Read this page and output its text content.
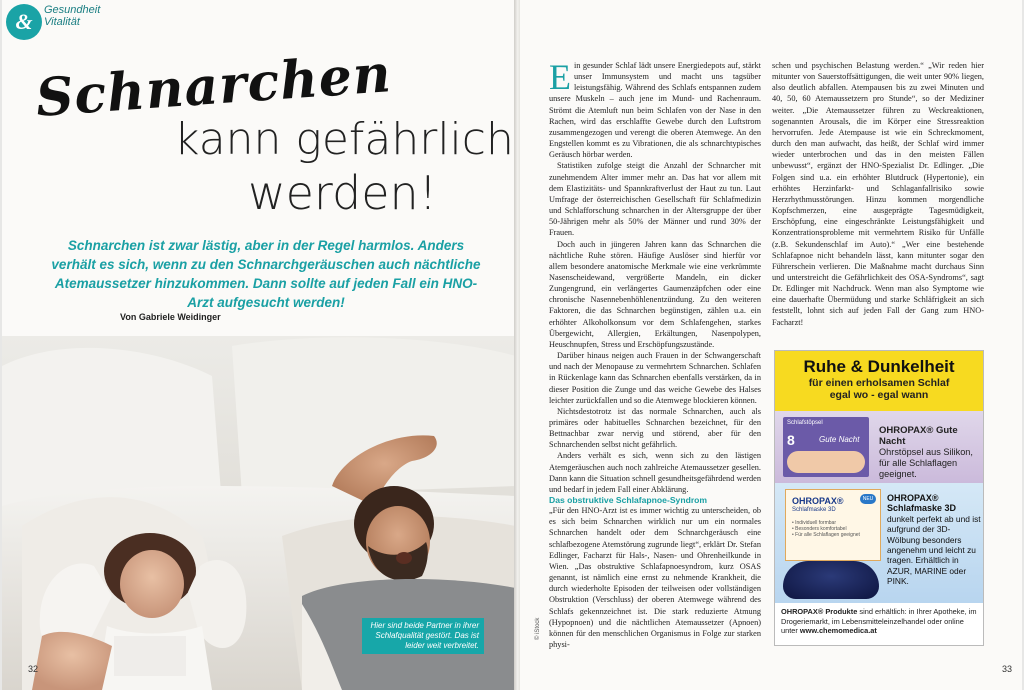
&	Gesundheit
Vitalität
Schnarchen
kann gefährlich
werden!
Schnarchen ist zwar lästig, aber in der Regel harmlos. Anders verhält es sich, wenn zu den Schnarchgeräuschen auch nächtliche Atemaussetzer hinzukommen. Dann sollte auf jeden Fall ein HNO-Arzt aufgesucht werden!
Von Gabriele Weidinger
Hier sind beide Partner in ihrer Schlafqualität gestört. Das ist leider weit verbreitet.
32	33
© iStock

Ein gesunder Schlaf lädt unsere Energiedepots auf, stärkt unser Immunsystem und macht uns tagsüber leistungsfähig. Während des Schlafs entspannen zudem unsere Muskeln – auch jene im Mund- und Rachenraum. Strömt die Atemluft nun beim Schlafen von der Nase in den Rachen, wird das erschlaffte Gewebe durch den Luftstrom zusammengezogen und verengt die oberen Atemwege. An den Engstellen kommt es zu Vibrationen, die als schnarchtypisches Geräusch hörbar werden.

Statistiken zufolge steigt die Anzahl der Schnarcher mit zunehmendem Alter immer mehr an. Das hat vor allem mit dem Elastizitäts- und Spannkraftverlust der Haut zu tun. Laut Umfrage der österreichischen Gesellschaft für Schlafmedizin und Schlafforschung schnarchen in der Altersgruppe der über 50-Jährigen mehr als 50% der Männer und rund 30% der Frauen.

Doch auch in jüngeren Jahren kann das Schnarchen die nächtliche Ruhe stören. Häufige Auslöser sind hierfür vor allem besondere anatomische Merkmale wie eine verkrümmte Nasenscheidewand, vergrößerte Mandeln, ein dicker Zungengrund, ein verlängertes Gaumenzäpfchen oder eine chronische Nasennebenhöhlenentzündung. Zu den weiteren Faktoren, die das Schnarchen begünstigen, zählen u.a. ein erhöhter Alkoholkonsum vor dem Schlafengehen, starkes Übergewicht, Allergien, Erkältungen, Nasenpolypen, Heuschnupfen, Stress und Erschöpfungszustände.

Darüber hinaus neigen auch Frauen in der Schwangerschaft und nach der Menopause zu vermehrtem Schnarchen. Schlafen in Rückenlage kann das Schnarchen ebenfalls verstärken, da in dieser Position die Zunge und das weiche Gewebe des Halses leichter zurückfallen und so die Atemwege blockieren können.

Nichtsdestotrotz ist das normale Schnarchen, auch als primäres oder habituelles Schnarchen bezeichnet, für den Bettnachbar zwar nervig und störend, aber für den Schnarchenden selbst nicht gefährlich.

Anders verhält es sich, wenn sich zu den lästigen Atemgeräuschen auch noch zahlreiche Atemaussetzer gesellen. Dann kann die Situation schnell gesundheitsgefährdend werden und bedarf in jedem Fall einer Abklärung.

Das obstruktive Schlafapnoe-Syndrom

„Für den HNO-Arzt ist es immer wichtig zu unterscheiden, ob es sich beim Schnarchen wirklich nur um ein normales Schnarchen handelt oder dem Schnarchgeräusch eine schlafbezogene Atemstörung zugrunde liegt“, erklärt Dr. Stefan Edlinger, Facharzt für Hals-, Nasen- und Ohrenheilkunde in Wien. „Das obstruktive Schlafapnoesyndrom, kurz OSAS genannt, ist nämlich eine ernst zu nehmende Krankheit, die durch wiederholte Episoden der teilweisen oder vollständigen Obstruktion (Verschluss) der oberen Atemwege während des Schlafs gekennzeichnet ist. Die stark reduzierte Atmung (Hypopnoen) und die nächtlichen Atemaussetzer (Apnoen) können für den menschlichen Organismus in Folge zur starken physi-

schen und psychischen Belastung werden.“ „Wir reden hier mitunter von Sauerstoffsättigungen, die weit unter 90% liegen, also deutlich abfallen. Atempausen bis zu zwei Minuten und 40, 50, 60 Atemaussetzern pro Stunde“, so der Mediziner weiter. „Die Atemaussetzer führen zu Weckreaktionen, sogenannten Arousals, die im Körper eine Stressreaktion hervorrufen. Jede Atempause ist wie ein Schreckmoment, durch den man aufwacht, das heißt, der Schlaf wird immer wieder unterbrochen und das in den meisten Fällen unbewusst“, ergänzt der HNO-Spezialist Dr. Edlinger. „Die Folgen sind u.a. ein erhöhter Blutdruck (Hypertonie), ein erhöhtes Herzinfarkt- und Schlaganfallrisiko sowie Herzrhythmusstörungen. Hinzu kommen morgendliche Kopfschmerzen, eine ausgeprägte Tagesmüdigkeit, Erschöpfung, eine eingeschränkte Leistungsfähigkeit und Konzentrationsprobleme mit vermehrtem Risiko für Unfälle (z.B. Sekundenschlaf im Auto).“ „Wer eine bestehende Schlafapnoe nicht behandeln lässt, kann mitunter sogar den Führerschein verlieren. Die Maßnahme macht durchaus Sinn und unterstreicht die Gefährlichkeit des OSA-Syndroms“, sagt Dr. Edlinger mit Nachdruck. Wenn man also Symptome wie eine dauerhafte Übermüdung und starke Schläfrigkeit an sich feststellt, lohnt sich auf jeden Fall der Gang zum HNO-Facharzt!

Ruhe & Dunkelheit
für einen erholsamen Schlaf
egal wo - egal wann
Schlafstöpsel
8	Gute Nacht
OHROPAX® Gute Nacht
Ohrstöpsel aus Silikon, für alle Schlaflagen geeignet.
OHROPAX®
Schlafmaske 3D
NEU
• Individuell formbar
• Besonders komfortabel
• Für alle Schlaflagen geeignet
OHROPAX® Schlafmaske 3D
dunkelt perfekt ab und ist aufgrund der 3D-Wölbung besonders angenehm und leicht zu tragen. Erhältlich in AZUR, MARINE oder PINK.
OHROPAX® Produkte sind erhältlich: in Ihrer Apotheke, im Drogeriemarkt, im Lebensmitteleinzelhandel oder online unter www.chemomedica.at
